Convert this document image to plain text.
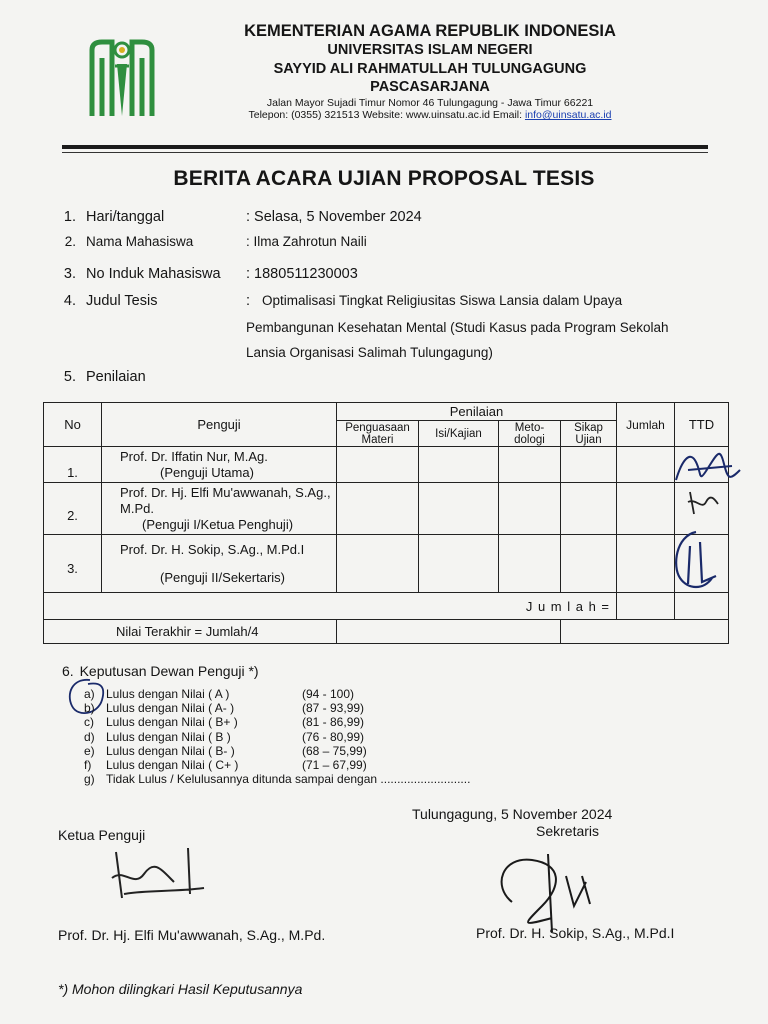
KEMENTERIAN AGAMA REPUBLIK INDONESIA
UNIVERSITAS ISLAM NEGERI
SAYYID ALI RAHMATULLAH TULUNGAGUNG
PASCASARJANA
Jalan Mayor Sujadi Timur Nomor 46 Tulungagung - Jawa Timur 66221
Telepon: (0355) 321513 Website: www.uinsatu.ac.id Email: info@uinsatu.ac.id
BERITA ACARA UJIAN PROPOSAL TESIS
1. Hari/tanggal	: Selasa, 5 November 2024
2. Nama Mahasiswa	: Ilma Zahrotun Naili
3. No Induk Mahasiswa : 1880511230003
4. Judul Tesis	: Optimalisasi Tingkat Religiusitas Siswa Lansia dalam Upaya
Pembangunan Kesehatan Mental (Studi Kasus pada Program Sekolah
Lansia Organisasi Salimah Tulungagung)
5. Penilaian
No	Penguji	Penilaian				Jumlah	TTD
		Penguasaan Materi	Isi/Kajian	Meto- dologi	Sikap Ujian		
1.	Prof. Dr. Iffatin Nur, M.Ag.
(Penguji Utama)						

2.	Prof. Dr. Hj. Elfi Mu'awwanah, S.Ag., M.Pd.
(Penguji I/Ketua Penghuji)						

3.	Prof. Dr. H. Sokip, S.Ag., M.Pd.I
(Penguji II/Sekertaris)						

J u m l a h =							
Nilai Terakhir = Jumlah/4							
6. Keputusan Dewan Penguji *)
a) Lulus dengan Nilai ( A )	(94 - 100)
b) Lulus dengan Nilai ( A- )	(87 - 93,99)
c) Lulus dengan Nilai ( B+ )	(81 - 86,99)
d) Lulus dengan Nilai ( B )	(76 - 80,99)
e) Lulus dengan Nilai ( B- )	(68 – 75,99)
f) Lulus dengan Nilai ( C+ )	(71 – 67,99)
g) Tidak Lulus / Kelulusannya ditunda sampai dengan ...........................
Tulungagung, 5 November 2024
Sekretaris
Ketua Penguji
Prof. Dr. Hj. Elfi Mu'awwanah, S.Ag., M.Pd.	Prof. Dr. H. Sokip, S.Ag., M.Pd.I
*) Mohon dilingkari Hasil Keputusannya
